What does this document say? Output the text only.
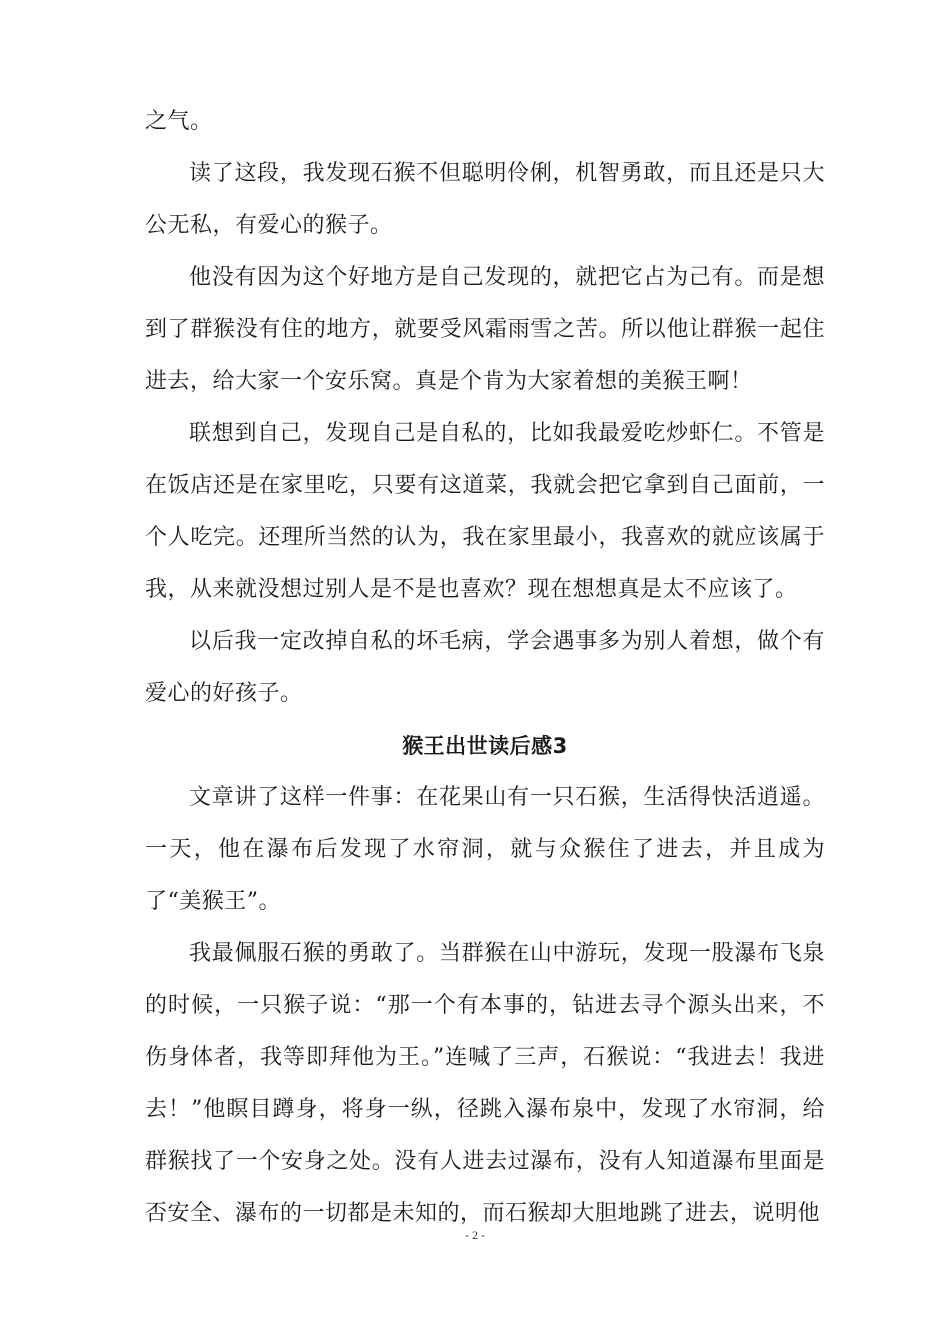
之气。

读了这段，我发现石猴不但聪明伶俐，机智勇敢，而且还是只大公无私，有爱心的猴子。

他没有因为这个好地方是自己发现的，就把它占为己有。而是想到了群猴没有住的地方，就要受风霜雨雪之苦。所以他让群猴一起住进去，给大家一个安乐窝。真是个肯为大家着想的美猴王啊！

联想到自己，发现自己是自私的，比如我最爱吃炒虾仁。不管是在饭店还是在家里吃，只要有这道菜，我就会把它拿到自己面前，一个人吃完。还理所当然的认为，我在家里最小，我喜欢的就应该属于我，从来就没想过别人是不是也喜欢？现在想想真是太不应该了。

以后我一定改掉自私的坏毛病，学会遇事多为别人着想，做个有爱心的好孩子。

猴王出世读后感3

文章讲了这样一件事：在花果山有一只石猴，生活得快活逍遥。一天，他在瀑布后发现了水帘洞，就与众猴住了进去，并且成为了“美猴王”。

我最佩服石猴的勇敢了。当群猴在山中游玩，发现一股瀑布飞泉的时候，一只猴子说：“那一个有本事的，钻进去寻个源头出来，不伤身体者，我等即拜他为王。”连喊了三声，石猴说：“我进去！我进去！”他瞑目蹲身，将身一纵，径跳入瀑布泉中，发现了水帘洞，给群猴找了一个安身之处。没有人进去过瀑布，没有人知道瀑布里面是否安全、瀑布的一切都是未知的，而石猴却大胆地跳了进去，说明他

- 2 -
